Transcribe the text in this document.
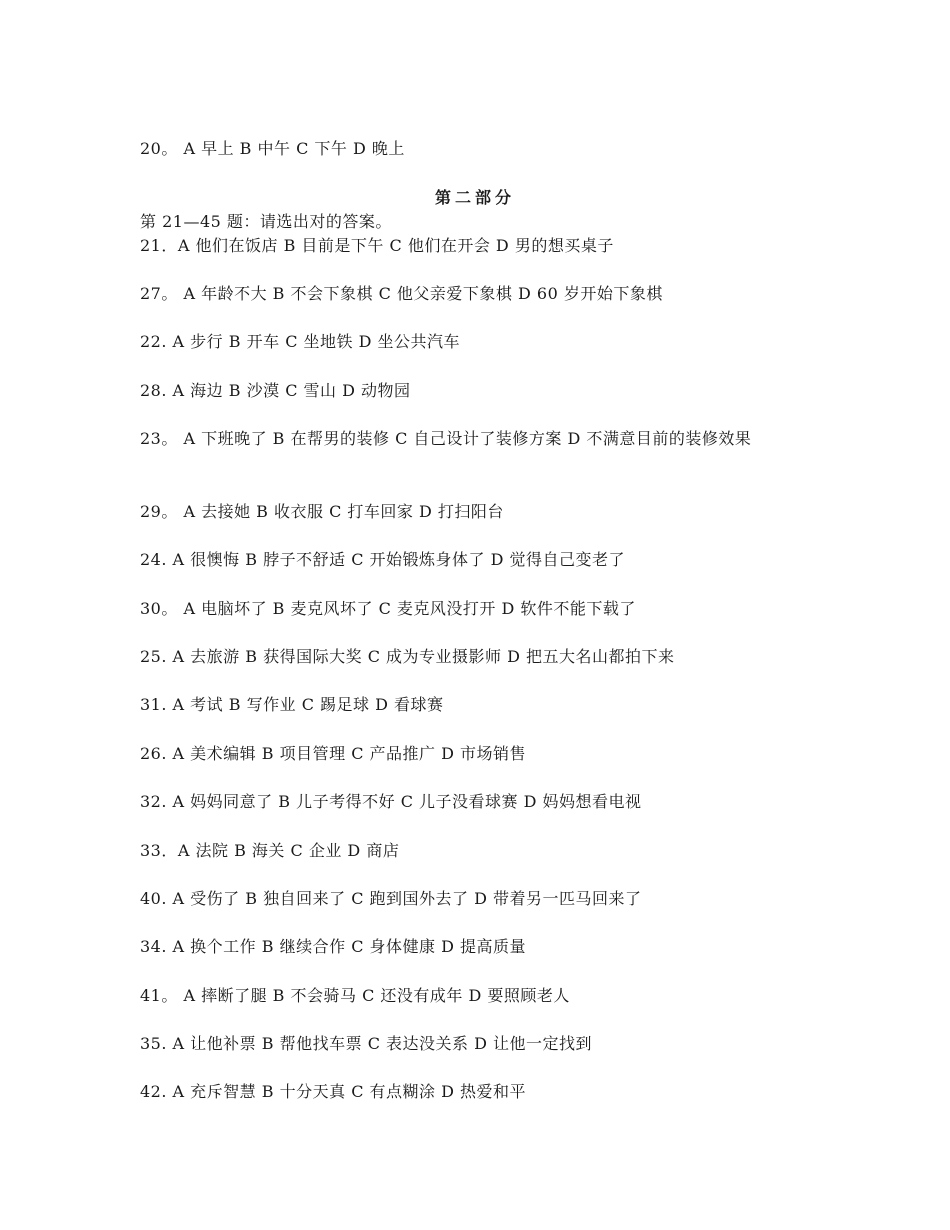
20。 A 早上 B 中午 C 下午 D 晚上
第二部分
第 21—45 题：请选出对的答案。
21．A 他们在饭店 B 目前是下午 C 他们在开会 D 男的想买桌子
27。 A 年龄不大 B 不会下象棋 C 他父亲爱下象棋 D 60 岁开始下象棋
22. A 步行 B 开车 C 坐地铁 D 坐公共汽车
28. A 海边 B 沙漠 C 雪山 D 动物园
23。 A 下班晚了 B 在帮男的装修 C 自己设计了装修方案 D 不满意目前的装修效果
29。 A 去接她 B 收衣服 C 打车回家 D 打扫阳台
24. A 很懊悔 B 脖子不舒适 C 开始锻炼身体了 D 觉得自己变老了
30。 A 电脑坏了 B 麦克风坏了 C 麦克风没打开 D 软件不能下载了
25. A 去旅游 B 获得国际大奖 C 成为专业摄影师 D 把五大名山都拍下来
31. A 考试 B 写作业 C 踢足球 D 看球赛
26. A 美术编辑 B 项目管理 C 产品推广 D 市场销售
32. A 妈妈同意了 B 儿子考得不好 C 儿子没看球赛 D 妈妈想看电视
33．A 法院 B 海关 C 企业 D 商店
40. A 受伤了 B 独自回来了 C 跑到国外去了 D 带着另一匹马回来了
34. A 换个工作 B 继续合作 C 身体健康 D 提高质量
41。 A 摔断了腿 B 不会骑马 C 还没有成年 D 要照顾老人
35. A 让他补票 B 帮他找车票 C 表达没关系 D 让他一定找到
42. A 充斥智慧 B 十分天真 C 有点糊涂 D 热爱和平
